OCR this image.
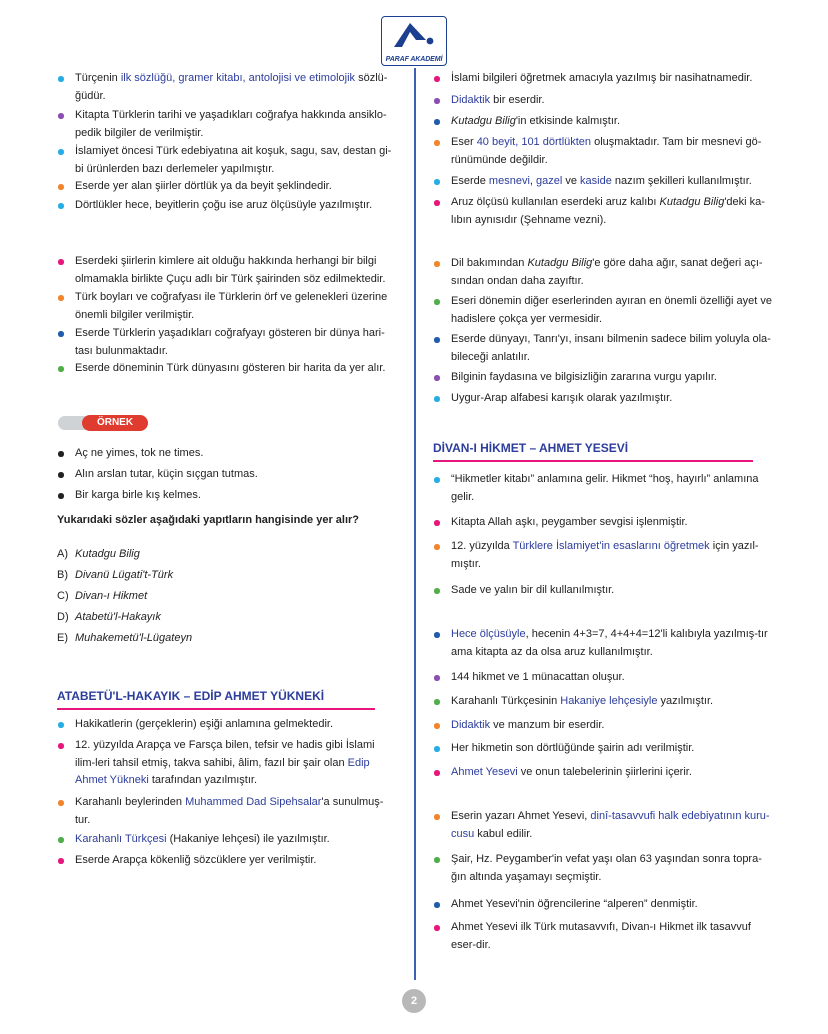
PARAF AKADEMİ
Türçenin ilk sözlüğü, gramer kitabı, antolojisi ve etimolojik sözlü-ğüdür.
Kitapta Türklerin tarihi ve yaşadıkları coğrafya hakkında ansiklo-pedik bilgiler de verilmiştir.
İslamiyet öncesi Türk edebiyatına ait koşuk, sagu, sav, destan gi-bi ürünlerden bazı derlemeler yapılmıştır.
Eserde yer alan şiirler dörtlük ya da beyit şeklindedir.
Dörtlükler hece, beyitlerin çoğu ise aruz ölçüsüyle yazılmıştır.
Eserdeki şiirlerin kimlere ait olduğu hakkında herhangi bir bilgi olmamakla birlikte Çuçu adlı bir Türk şairinden söz edilmektedir.
Türk boyları ve coğrafyası ile Türklerin örf ve gelenekleri üzerine önemli bilgiler verilmiştir.
Eserde Türklerin yaşadıkları coğrafyayı gösteren bir dünya hari-tası bulunmaktadır.
Eserde döneminin Türk dünyasını gösteren bir harita da yer alır.
ÖRNEK
Aç ne yimes, tok ne times.
Alın arslan tutar, küçin sıçgan tutmas.
Bir karga birle kış kelmes.
Yukarıdaki sözler aşağıdaki yapıtların hangisinde yer alır?
A) Kutadgu Bilig
B) Divanü Lügati't-Türk
C) Divan-ı Hikmet
D) Atabetü'l-Hakayık
E) Muhakemetü'l-Lügateyn
ATABETÜ'L-HAKAYIK – EDİP AHMET YÜKNEKİ
Hakikatlerin (gerçeklerin) eşiği anlamına gelmektedir.
12. yüzyılda Arapça ve Farsça bilen, tefsir ve hadis gibi İslami ilim-leri tahsil etmiş, takva sahibi, âlim, fazıl bir şair olan Edip Ahmet Yükneki tarafından yazılmıştır.
Karahanlı beylerinden Muhammed Dad Sipehsalar'a sunulmuş-tur.
Karahanlı Türkçesi (Hakaniye lehçesi) ile yazılmıştır.
Eserde Arapça kökenliğ sözcüklere yer verilmiştir.
İslami bilgileri öğretmek amacıyla yazılmış bir nasihatnamedir.
Didaktik bir eserdir.
Kutadgu Bilig'in etkisinde kalmıştır.
Eser 40 beyit, 101 dörtlükten oluşmaktadır. Tam bir mesnevi gö-rünümünde değildir.
Eserde mesnevi, gazel ve kaside nazım şekilleri kullanılmıştır.
Aruz ölçüsü kullanılan eserdeki aruz kalıbı Kutadgu Bilig'deki ka-lıbın aynısıdır (Şehname vezni).
Dil bakımından Kutadgu Bilig'e göre daha ağır, sanat değeri açı-sından ondan daha zayıftır.
Eseri dönemin diğer eserlerinden ayıran en önemli özelliği ayet ve hadislere çokça yer vermesidir.
Eserde dünyayı, Tanrı'yı, insanı bilmenin sadece bilim yoluyla ola-bileceği anlatılır.
Bilginin faydasına ve bilgisizliğin zararına vurgu yapılır.
Uygur-Arap alfabesi karışık olarak yazılmıştır.
DİVAN-I HİKMET – AHMET YESEVİ
“Hikmetler kitabı” anlamına gelir. Hikmet “hoş, hayırlı” anlamına gelir.
Kitapta Allah aşkı, peygamber sevgisi işlenmiştir.
12. yüzyılda Türklere İslamiyet'in esaslarını öğretmek için yazıl-mıştır.
Sade ve yalın bir dil kullanılmıştır.
Hece ölçüsüyle, hecenin 4+3=7, 4+4+4=12'li kalıbıyla yazılmış-tır ama kitapta az da olsa aruz kullanılmıştır.
144 hikmet ve 1 münacattan oluşur.
Karahanlı Türkçesinin Hakaniye lehçesiyle yazılmıştır.
Didaktik ve manzum bir eserdir.
Her hikmetin son dörtlüğünde şairin adı verilmiştir.
Ahmet Yesevi ve onun talebelerinin şiirlerini içerir.
Eserin yazarı Ahmet Yesevi, dinî-tasavvufi halk edebiyatının kuru-cusu kabul edilir.
Şair, Hz. Peygamber'in vefat yaşı olan 63 yaşından sonra topra-ğın altında yaşamayı seçmiştir.
Ahmet Yesevi'nin öğrencilerine “alperen” denmiştir.
Ahmet Yesevi ilk Türk mutasavvıfı, Divan-ı Hikmet ilk tasavvuf eser-dir.
2
